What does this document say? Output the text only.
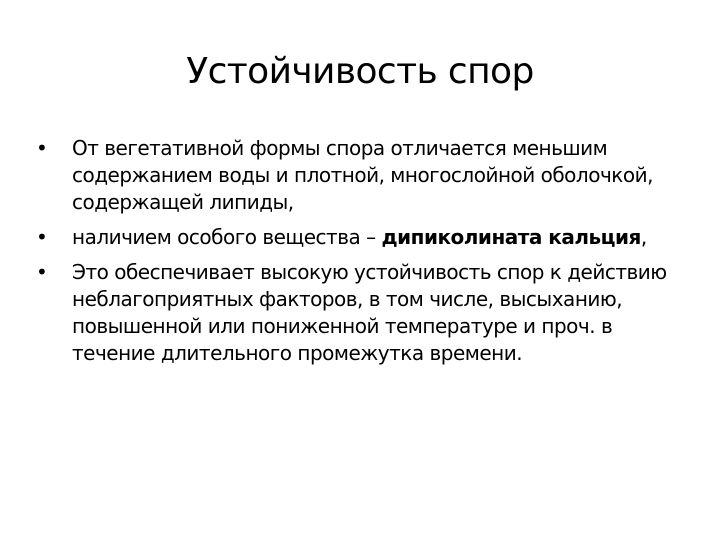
Устойчивость спор
•	От вегетативной формы спора отличается меньшим содержанием воды и плотной, многослойной оболочкой, содержащей липиды,
•	наличием особого вещества – дипиколината кальция,
•	Это обеспечивает высокую устойчивость спор к действию неблагоприятных факторов, в том числе, высыханию, повышенной или пониженной температуре и проч. в течение длительного промежутка времени.
